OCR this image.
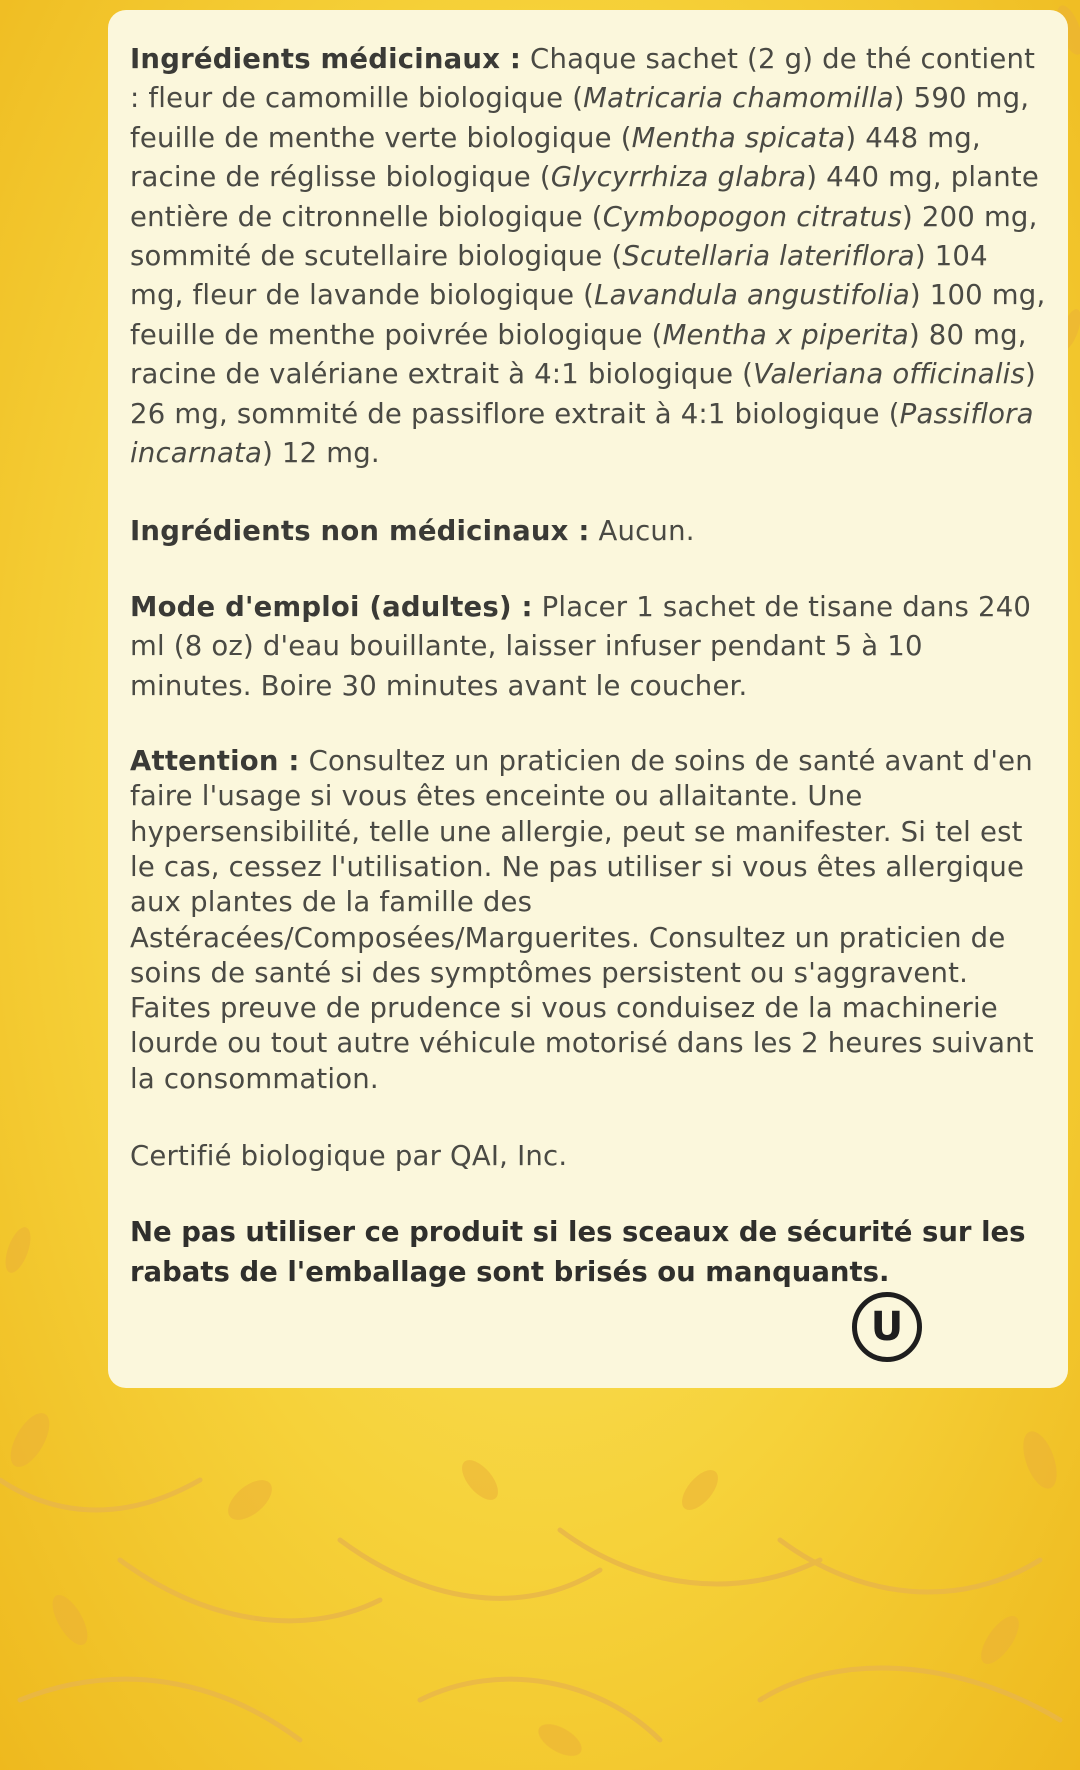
Ingrédients médicinaux : Chaque sachet (2 g) de thé contient : fleur de camomille biologique (Matricaria chamomilla) 590 mg, feuille de menthe verte biologique (Mentha spicata) 448 mg, racine de réglisse biologique (Glycyrrhiza glabra) 440 mg, plante entière de citronnelle biologique (Cymbopogon citratus) 200 mg, sommité de scutellaire biologique (Scutellaria lateriflora) 104 mg, fleur de lavande biologique (Lavandula angustifolia) 100 mg, feuille de menthe poivrée biologique (Mentha x piperita) 80 mg, racine de valériane extrait à 4:1 biologique (Valeriana officinalis) 26 mg, sommité de passiflore extrait à 4:1 biologique (Passiflora incarnata) 12 mg.

Ingrédients non médicinaux : Aucun.

Mode d'emploi (adultes) : Placer 1 sachet de tisane dans 240 ml (8 oz) d'eau bouillante, laisser infuser pendant 5 à 10 minutes. Boire 30 minutes avant le coucher.

Attention : Consultez un praticien de soins de santé avant d'en faire l'usage si vous êtes enceinte ou allaitante. Une hypersensibilité, telle une allergie, peut se manifester. Si tel est le cas, cessez l'utilisation. Ne pas utiliser si vous êtes allergique aux plantes de la famille des Astéracées/Composées/Marguerites. Consultez un praticien de soins de santé si des symptômes persistent ou s'aggravent. Faites preuve de prudence si vous conduisez de la machinerie lourde ou tout autre véhicule motorisé dans les 2 heures suivant la consommation.

Certifié biologique par QAI, Inc.

Ne pas utiliser ce produit si les sceaux de sécurité sur les rabats de l'emballage sont brisés ou manquants.

U
